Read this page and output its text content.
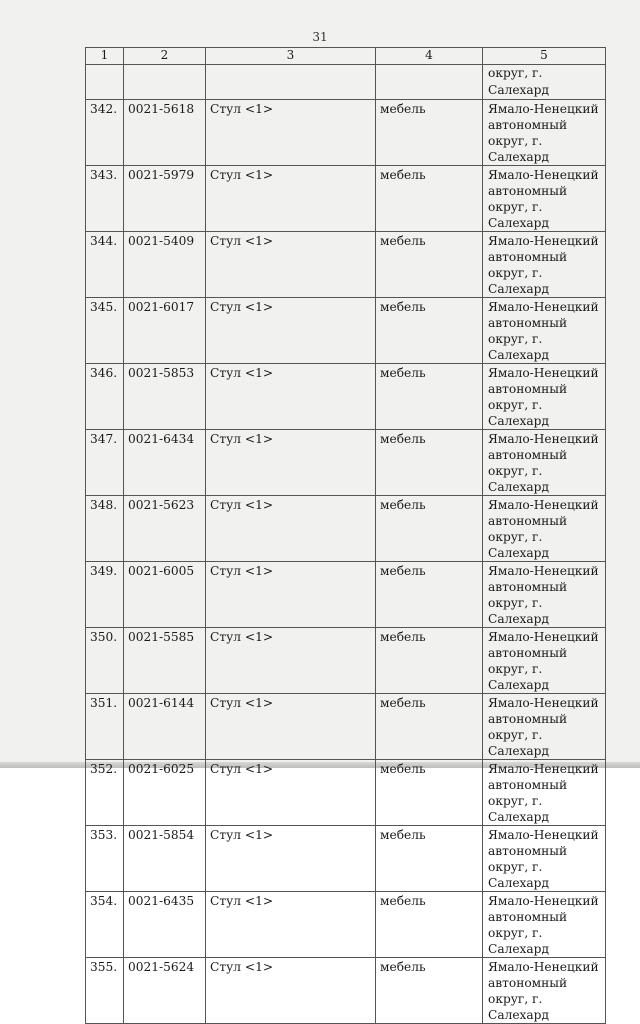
31
1	2	3	4	5
				округ, г. Салехард
342.	0021-5618	Стул <1>	мебель	Ямало-Ненецкий автономный округ, г. Салехард
343.	0021-5979	Стул <1>	мебель	Ямало-Ненецкий автономный округ, г. Салехард
344.	0021-5409	Стул <1>	мебель	Ямало-Ненецкий автономный округ, г. Салехард
345.	0021-6017	Стул <1>	мебель	Ямало-Ненецкий автономный округ, г. Салехард
346.	0021-5853	Стул <1>	мебель	Ямало-Ненецкий автономный округ, г. Салехард
347.	0021-6434	Стул <1>	мебель	Ямало-Ненецкий автономный округ, г. Салехард
348.	0021-5623	Стул <1>	мебель	Ямало-Ненецкий автономный округ, г. Салехард
349.	0021-6005	Стул <1>	мебель	Ямало-Ненецкий автономный округ, г. Салехард
350.	0021-5585	Стул <1>	мебель	Ямало-Ненецкий автономный округ, г. Салехард
351.	0021-6144	Стул <1>	мебель	Ямало-Ненецкий автономный округ, г. Салехард
352.	0021-6025	Стул <1>	мебель	Ямало-Ненецкий автономный округ, г. Салехард
353.	0021-5854	Стул <1>	мебель	Ямало-Ненецкий автономный округ, г. Салехард
354.	0021-6435	Стул <1>	мебель	Ямало-Ненецкий автономный округ, г. Салехард
355.	0021-5624	Стул <1>	мебель	Ямало-Ненецкий автономный округ, г. Салехард
